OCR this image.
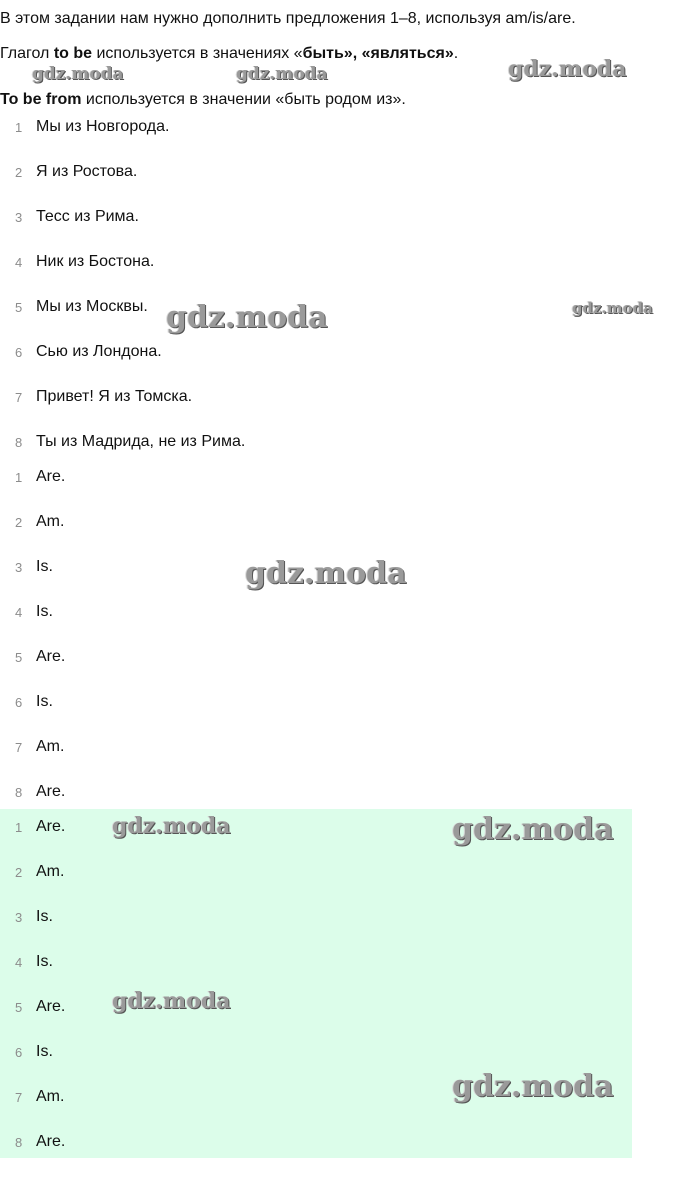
В этом задании нам нужно дополнить предложения 1–8, используя am/is/are.
Глагол to be используется в значениях «быть», «являться».
To be from используется в значении «быть родом из».
1 Мы из Новгорода.
2 Я из Ростова.
3 Тесс из Рима.
4 Ник из Бостона.
5 Мы из Москвы.
6 Сью из Лондона.
7 Привет! Я из Томска.
8 Ты из Мадрида, не из Рима.
1 Are.
2 Am.
3 Is.
4 Is.
5 Are.
6 Is.
7 Am.
8 Are.
1 Are.
2 Am.
3 Is.
4 Is.
5 Are.
6 Is.
7 Am.
8 Are.
gdz.moda	gdz.moda	gdz.moda
gdz.moda	gdz.moda
gdz.moda
gdz.moda	gdz.moda
gdz.moda
gdz.moda
